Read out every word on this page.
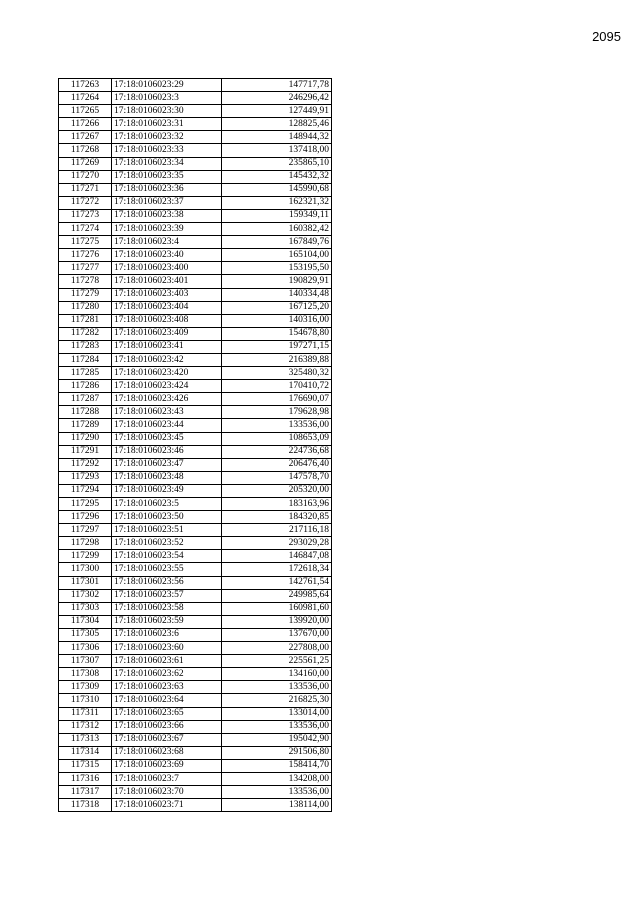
2095
117263	17:18:0106023:29	147717,78
117264	17:18:0106023:3	246296,42
117265	17:18:0106023:30	127449,91
117266	17:18:0106023:31	128825,46
117267	17:18:0106023:32	148944,32
117268	17:18:0106023:33	137418,00
117269	17:18:0106023:34	235865,10
117270	17:18:0106023:35	145432,32
117271	17:18:0106023:36	145990,68
117272	17:18:0106023:37	162321,32
117273	17:18:0106023:38	159349,11
117274	17:18:0106023:39	160382,42
117275	17:18:0106023:4	167849,76
117276	17:18:0106023:40	165104,00
117277	17:18:0106023:400	153195,50
117278	17:18:0106023:401	190829,91
117279	17:18:0106023:403	140334,48
117280	17:18:0106023:404	167125,20
117281	17:18:0106023:408	140316,00
117282	17:18:0106023:409	154678,80
117283	17:18:0106023:41	197271,15
117284	17:18:0106023:42	216389,88
117285	17:18:0106023:420	325480,32
117286	17:18:0106023:424	170410,72
117287	17:18:0106023:426	176690,07
117288	17:18:0106023:43	179628,98
117289	17:18:0106023:44	133536,00
117290	17:18:0106023:45	108653,09
117291	17:18:0106023:46	224736,68
117292	17:18:0106023:47	206476,40
117293	17:18:0106023:48	147578,70
117294	17:18:0106023:49	205320,00
117295	17:18:0106023:5	183163,96
117296	17:18:0106023:50	184320,85
117297	17:18:0106023:51	217116,18
117298	17:18:0106023:52	293029,28
117299	17:18:0106023:54	146847,08
117300	17:18:0106023:55	172618,34
117301	17:18:0106023:56	142761,54
117302	17:18:0106023:57	249985,64
117303	17:18:0106023:58	160981,60
117304	17:18:0106023:59	139920,00
117305	17:18:0106023:6	137670,00
117306	17:18:0106023:60	227808,00
117307	17:18:0106023:61	225561,25
117308	17:18:0106023:62	134160,00
117309	17:18:0106023:63	133536,00
117310	17:18:0106023:64	216825,30
117311	17:18:0106023:65	133014,00
117312	17:18:0106023:66	133536,00
117313	17:18:0106023:67	195042,90
117314	17:18:0106023:68	291506,80
117315	17:18:0106023:69	158414,70
117316	17:18:0106023:7	134208,00
117317	17:18:0106023:70	133536,00
117318	17:18:0106023:71	138114,00
